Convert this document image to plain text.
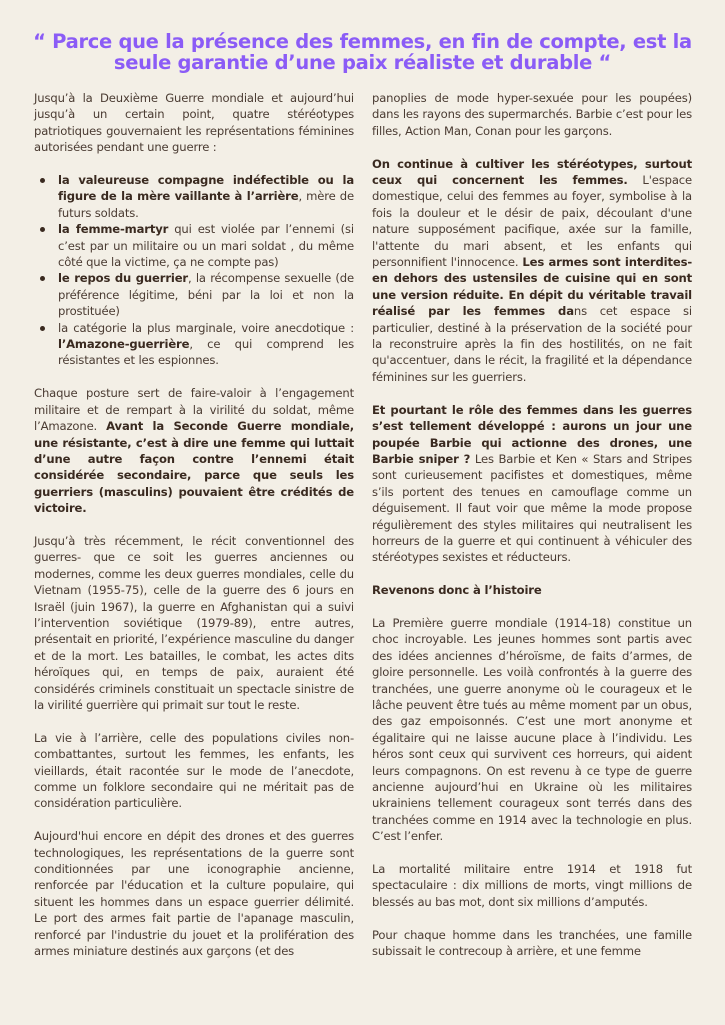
“ Parce que la présence des femmes, en fin de compte, est la seule garantie d’une paix réaliste et durable “

Jusqu’à la Deuxième Guerre mondiale et aujourd’hui jusqu’à un certain point, quatre stéréotypes patriotiques gouvernaient les représentations féminines autorisées pendant une guerre :

la valeureuse compagne indéfectible ou la figure de la mère vaillante à l’arrière, mère de futurs soldats.
la femme-martyr qui est violée par l’ennemi (si c’est par un militaire ou un mari soldat , du même côté que la victime, ça ne compte pas)
le repos du guerrier, la récompense sexuelle (de préférence légitime, béni par la loi et non la prostituée)
la catégorie la plus marginale, voire anecdotique : l’Amazone-guerrière, ce qui comprend les résistantes et les espionnes.

Chaque posture sert de faire-valoir à l’engagement militaire et de rempart à la virilité du soldat, même l’Amazone. Avant la Seconde Guerre mondiale, une résistante, c’est à dire une femme qui luttait d’une autre façon contre l’ennemi était considérée secondaire, parce que seuls les guerriers (masculins) pouvaient être crédités de victoire.

Jusqu’à très récemment, le récit conventionnel des guerres- que ce soit les guerres anciennes ou modernes, comme les deux guerres mondiales, celle du Vietnam (1955-75), celle de la guerre des 6 jours en Israël (juin 1967), la guerre en Afghanistan qui a suivi l’intervention soviétique (1979-89), entre autres, présentait en priorité, l’expérience masculine du danger et de la mort. Les batailles, le combat, les actes dits héroïques qui, en temps de paix, auraient été considérés criminels constituait un spectacle sinistre de la virilité guerrière qui primait sur tout le reste.

La vie à l’arrière, celle des populations civiles non-combattantes, surtout les femmes, les enfants, les vieillards, était racontée sur le mode de l’anecdote, comme un folklore secondaire qui ne méritait pas de considération particulière.

Aujourd'hui encore en dépit des drones et des guerres technologiques, les représentations de la guerre sont conditionnées par une iconographie ancienne, renforcée par l'éducation et la culture populaire, qui situent les hommes dans un espace guerrier délimité. Le port des armes fait partie de l'apanage masculin, renforcé par l'industrie du jouet et la prolifération des armes miniature destinés aux garçons (et des

panoplies de mode hyper-sexuée pour les poupées) dans les rayons des supermarchés. Barbie c’est pour les filles, Action Man, Conan pour les garçons.

On continue à cultiver les stéréotypes, surtout ceux qui concernent les femmes. L'espace domestique, celui des femmes au foyer, symbolise à la fois la douleur et le désir de paix, découlant d'une nature supposément pacifique, axée sur la famille, l'attente du mari absent, et les enfants qui personnifient l'innocence. Les armes sont interdites- en dehors des ustensiles de cuisine qui en sont une version réduite. En dépit du véritable travail réalisé par les femmes dans cet espace si particulier, destiné à la préservation de la société pour la reconstruire après la fin des hostilités, on ne fait qu'accentuer, dans le récit, la fragilité et la dépendance féminines sur les guerriers.

Et pourtant le rôle des femmes dans les guerres s’est tellement développé : aurons un jour une poupée Barbie qui actionne des drones, une Barbie sniper ? Les Barbie et Ken « Stars and Stripes sont curieusement pacifistes et domestiques, même s’ils portent des tenues en camouflage comme un déguisement. Il faut voir que même la mode propose régulièrement des styles militaires qui neutralisent les horreurs de la guerre et qui continuent à véhiculer des stéréotypes sexistes et réducteurs.

Revenons donc à l’histoire

La Première guerre mondiale (1914-18) constitue un choc incroyable. Les jeunes hommes sont partis avec des idées anciennes d’héroïsme, de faits d’armes, de gloire personnelle. Les voilà confrontés à la guerre des tranchées, une guerre anonyme où le courageux et le lâche peuvent être tués au même moment par un obus, des gaz empoisonnés. C’est une mort anonyme et égalitaire qui ne laisse aucune place à l’individu. Les héros sont ceux qui survivent ces horreurs, qui aident leurs compagnons. On est revenu à ce type de guerre ancienne aujourd’hui en Ukraine où les militaires ukrainiens tellement courageux sont terrés dans des tranchées comme en 1914 avec la technologie en plus. C’est l’enfer.

La mortalité militaire entre 1914 et 1918 fut spectaculaire : dix millions de morts, vingt millions de blessés au bas mot, dont six millions d’amputés.

Pour chaque homme dans les tranchées, une famille subissait le contrecoup à arrière, et une femme
